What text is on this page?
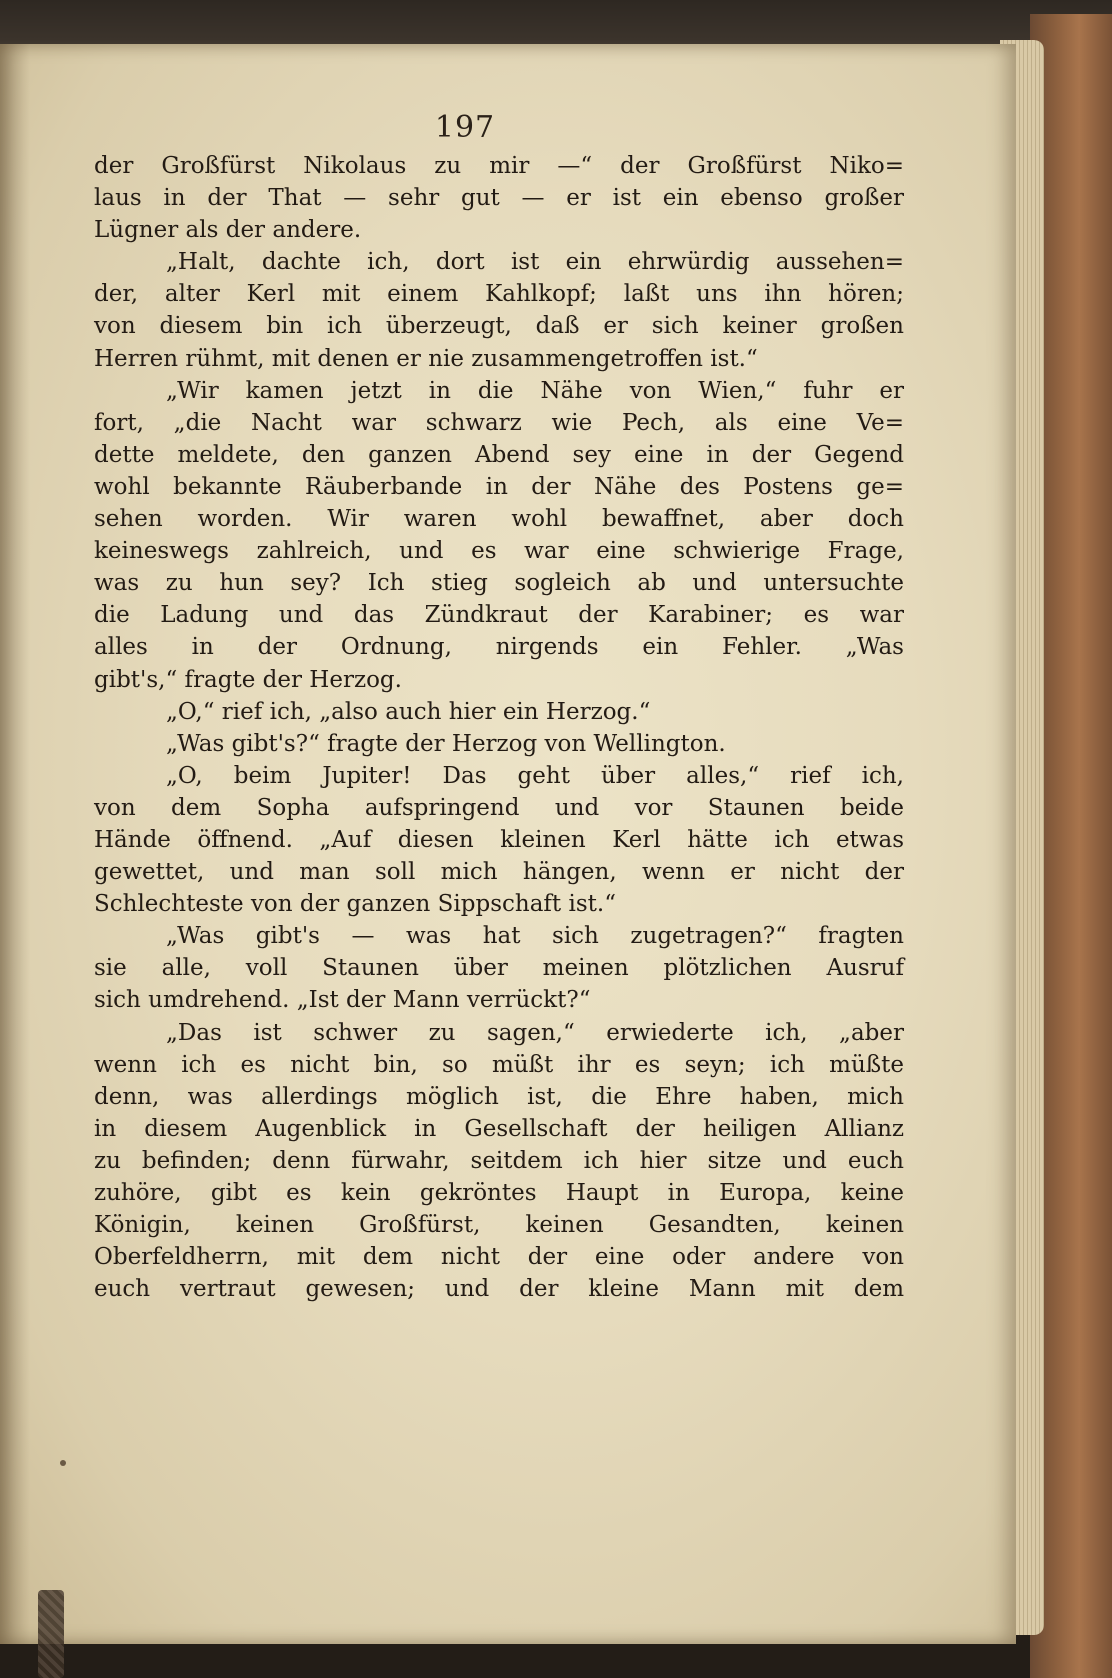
197
der Großfürst Nikolaus zu mir —“ der Großfürst Niko=
laus in der That — sehr gut — er ist ein ebenso großer
Lügner als der andere.
„Halt, dachte ich, dort ist ein ehrwürdig aussehen=
der, alter Kerl mit einem Kahlkopf; laßt uns ihn hören;
von diesem bin ich überzeugt, daß er sich keiner großen
Herren rühmt, mit denen er nie zusammengetroffen ist.“
„Wir kamen jetzt in die Nähe von Wien,“ fuhr er
fort, „die Nacht war schwarz wie Pech, als eine Ve=
dette meldete, den ganzen Abend sey eine in der Gegend
wohl bekannte Räuberbande in der Nähe des Postens ge=
sehen worden. Wir waren wohl bewaffnet, aber doch
keineswegs zahlreich, und es war eine schwierige Frage,
was zu hun sey? Ich stieg sogleich ab und untersuchte
die Ladung und das Zündkraut der Karabiner; es war
alles in der Ordnung, nirgends ein Fehler. „Was
gibt's,“ fragte der Herzog.
„O,“ rief ich, „also auch hier ein Herzog.“
„Was gibt's?“ fragte der Herzog von Wellington.
„O, beim Jupiter! Das geht über alles,“ rief ich,
von dem Sopha aufspringend und vor Staunen beide
Hände öffnend. „Auf diesen kleinen Kerl hätte ich etwas
gewettet, und man soll mich hängen, wenn er nicht der
Schlechteste von der ganzen Sippschaft ist.“
„Was gibt's — was hat sich zugetragen?“ fragten
sie alle, voll Staunen über meinen plötzlichen Ausruf
sich umdrehend. „Ist der Mann verrückt?“
„Das ist schwer zu sagen,“ erwiederte ich, „aber
wenn ich es nicht bin, so müßt ihr es seyn; ich müßte
denn, was allerdings möglich ist, die Ehre haben, mich
in diesem Augenblick in Gesellschaft der heiligen Allianz
zu befinden; denn fürwahr, seitdem ich hier sitze und euch
zuhöre, gibt es kein gekröntes Haupt in Europa, keine
Königin, keinen Großfürst, keinen Gesandten, keinen
Oberfeldherrn, mit dem nicht der eine oder andere von
euch vertraut gewesen; und der kleine Mann mit dem
